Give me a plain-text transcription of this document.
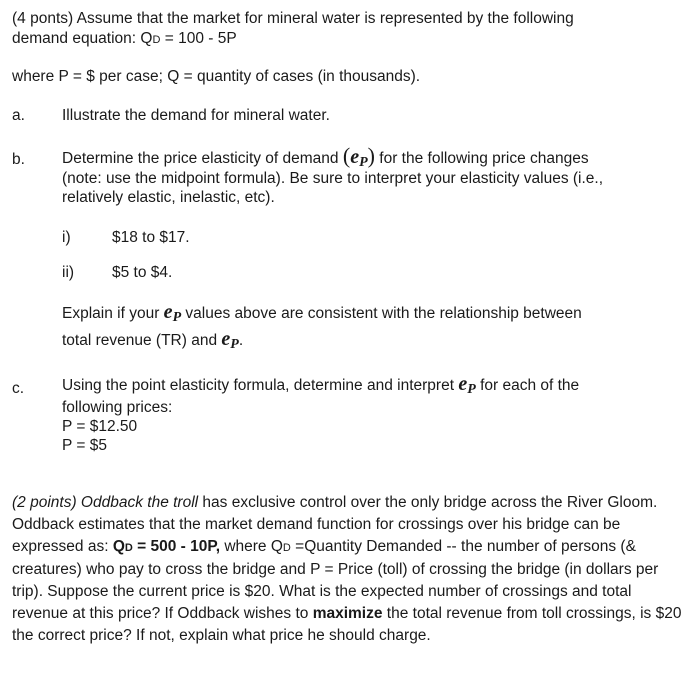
(4 ponts) Assume that the market for mineral water is represented by the following
demand equation: QD = 100 - 5P
where P = $ per case; Q = quantity of cases (in thousands).
a. Illustrate the demand for mineral water.
b. Determine the price elasticity of demand $(e_P)$ for the following price changes
(note: use the midpoint formula). Be sure to interpret your elasticity values (i.e.,
relatively elastic, inelastic, etc).
i)	$18 to $17.
ii) $5 to $4.
Explain if your $e_P$ values above are consistent with the relationship between
total revenue (TR) and $e_P$.
c. Using the point elasticity formula, determine and interpret $e_P$ for each of the
following prices:
P = $12.50
P = $5
(2 points) Oddback the troll has exclusive control over the only bridge across the River Gloom. Oddback estimates that the market demand function for crossings over his bridge can be expressed as: QD = 500 - 10P, where QD =Quantity Demanded -- the number of persons (& creatures) who pay to cross the bridge and P = Price (toll) of crossing the bridge (in dollars per trip). Suppose the current price is $20. What is the expected number of crossings and total revenue at this price? If Oddback wishes to maximize the total revenue from toll crossings, is $20 the correct price? If not, explain what price he should charge.
